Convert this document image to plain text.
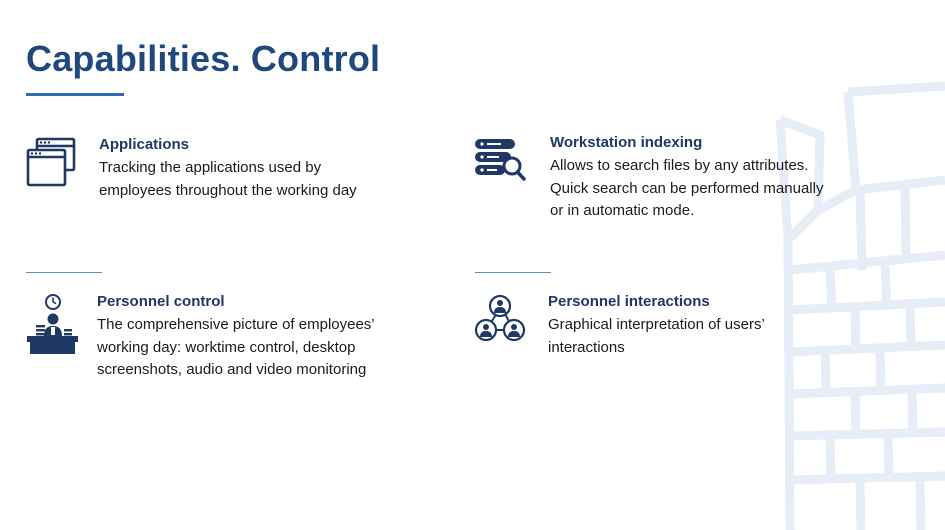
Capabilities. Control
Applications

Tracking the applications used by
employees throughout the working day

Workstation indexing

Allows to search files by any attributes.
Quick search can be performed manually
or in automatic mode.

Personnel control

The comprehensive picture of employees’
working day: worktime control, desktop
screenshots, audio and video monitoring

Personnel interactions

Graphical interpretation of users’
interactions
